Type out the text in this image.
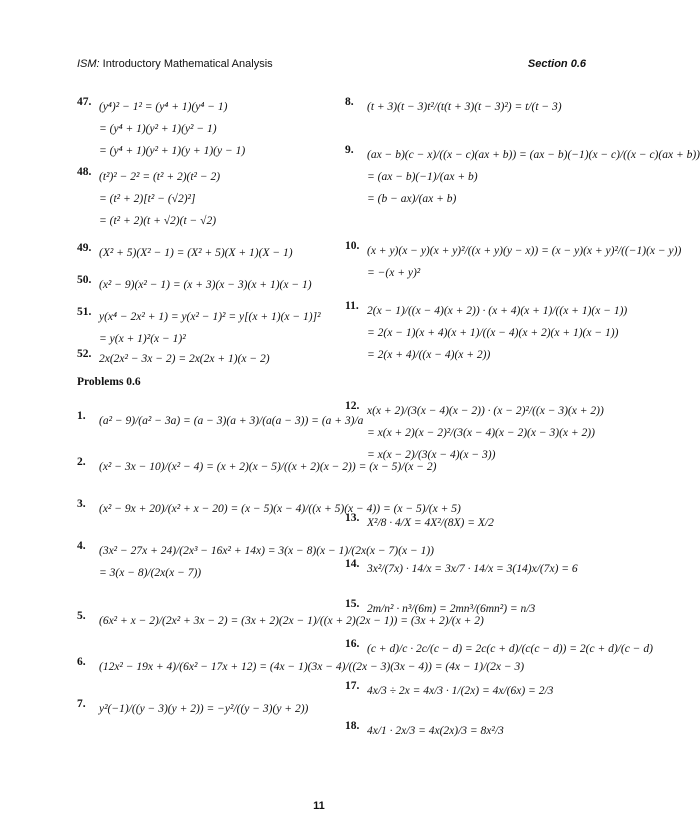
ISM: Introductory Mathematical Analysis	Section 0.6
47. (y⁴)² − 1² = (y⁴ + 1)(y⁴ − 1)
= (y⁴ + 1)(y² + 1)(y² − 1)
= (y⁴ + 1)(y² + 1)(y + 1)(y − 1)
48. (t²)² − 2² = (t² + 2)(t² − 2)
= (t² + 2)[t² − (√2)²]
= (t² + 2)(t + √2)(t − √2)
49. (X² + 5)(X² − 1) = (X² + 5)(X + 1)(X − 1)
50. (x² − 9)(x² − 1) = (x + 3)(x − 3)(x + 1)(x − 1)
51. y(x⁴ − 2x² + 1) = y(x² − 1)² = y[(x + 1)(x − 1)]²
= y(x + 1)²(x − 1)²
52. 2x(2x² − 3x − 2) = 2x(2x + 1)(x − 2)
Problems 0.6
1. (a² − 9)/(a² − 3a) = (a − 3)(a + 3)/(a(a − 3)) = (a + 3)/a
2. (x² − 3x − 10)/(x² − 4) = (x + 2)(x − 5)/((x + 2)(x − 2)) = (x − 5)/(x − 2)
3. (x² − 9x + 20)/(x² + x − 20) = (x − 5)(x − 4)/((x + 5)(x − 4)) = (x − 5)/(x + 5)
4. (3x² − 27x + 24)/(2x³ − 16x² + 14x) = 3(x − 8)(x − 1)/(2x(x − 7)(x − 1))
= 3(x − 8)/(2x(x − 7))
5. (6x² + x − 2)/(2x² + 3x − 2) = (3x + 2)(2x − 1)/((x + 2)(2x − 1)) = (3x + 2)/(x + 2)
6. (12x² − 19x + 4)/(6x² − 17x + 12) = (4x − 1)(3x − 4)/((2x − 3)(3x − 4)) = (4x − 1)/(2x − 3)
7. y²(−1)/((y − 3)(y + 2)) = −y²/((y − 3)(y + 2))
8. (t + 3)(t − 3)t²/(t(t + 3)(t − 3)²) = t/(t − 3)
9. (ax − b)(c − x)/((x − c)(ax + b)) = (ax − b)(−1)(x − c)/((x − c)(ax + b))
= (ax − b)(−1)/(ax + b)
= (b − ax)/(ax + b)
10. (x + y)(x − y)(x + y)²/((x + y)(y − x)) = (x − y)(x + y)²/((−1)(x − y))
= −(x + y)²
11. 2(x − 1)/((x − 4)(x + 2)) · (x + 4)(x + 1)/((x + 1)(x − 1))
= 2(x − 1)(x + 4)(x + 1)/((x − 4)(x + 2)(x + 1)(x − 1))
= 2(x + 4)/((x − 4)(x + 2))
12. x(x + 2)/(3(x − 4)(x − 2)) · (x − 2)²/((x − 3)(x + 2))
= x(x + 2)(x − 2)²/(3(x − 4)(x − 2)(x − 3)(x + 2))
= x(x − 2)/(3(x − 4)(x − 3))
13. X²/8 · 4/X = 4X²/(8X) = X/2
14. 3x²/(7x) · 14/x = 3x/7 · 14/x = 3(14)x/(7x) = 6
15. 2m/n² · n³/(6m) = 2mn³/(6mn²) = n/3
16. (c + d)/c · 2c/(c − d) = 2c(c + d)/(c(c − d)) = 2(c + d)/(c − d)
17. 4x/3 ÷ 2x = 4x/3 · 1/(2x) = 4x/(6x) = 2/3
18. 4x/1 · 2x/3 = 4x(2x)/3 = 8x²/3
11
